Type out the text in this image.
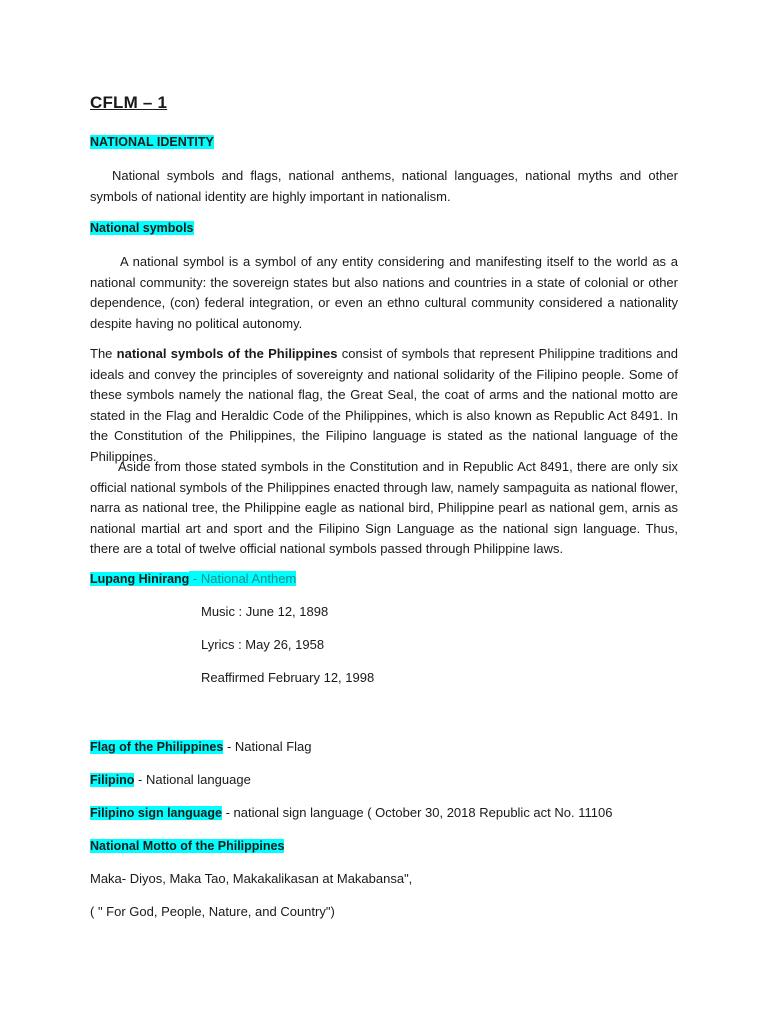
CFLM – 1
NATIONAL IDENTITY
National symbols and flags, national anthems, national languages, national myths and other symbols of national identity are highly important in nationalism.
National symbols
A national symbol is a symbol of any entity considering and manifesting itself to the world as a national community: the sovereign states but also nations and countries in a state of colonial or other dependence, (con) federal integration, or even an ethno cultural community considered a nationality despite having no political autonomy.
The national symbols of the Philippines consist of symbols that represent Philippine traditions and ideals and convey the principles of sovereignty and national solidarity of the Filipino people. Some of these symbols namely the national flag, the Great Seal, the coat of arms and the national motto are stated in the Flag and Heraldic Code of the Philippines, which is also known as Republic Act 8491. In the Constitution of the Philippines, the Filipino language is stated as the national language of the Philippines.
Aside from those stated symbols in the Constitution and in Republic Act 8491, there are only six official national symbols of the Philippines enacted through law, namely sampaguita as national flower, narra as national tree, the Philippine eagle as national bird, Philippine pearl as national gem, arnis as national martial art and sport and the Filipino Sign Language as the national sign language. Thus, there are a total of twelve official national symbols passed through Philippine laws.
Lupang Hinirang - National Anthem
Music : June 12, 1898
Lyrics : May 26, 1958
Reaffirmed February 12, 1998
Flag of the Philippines - National Flag
Filipino - National language
Filipino sign language - national sign language ( October 30, 2018 Republic act No. 11106
National Motto of the Philippines
Maka- Diyos, Maka Tao, Makakalikasan at Makabansa",
( " For God, People, Nature, and Country")
